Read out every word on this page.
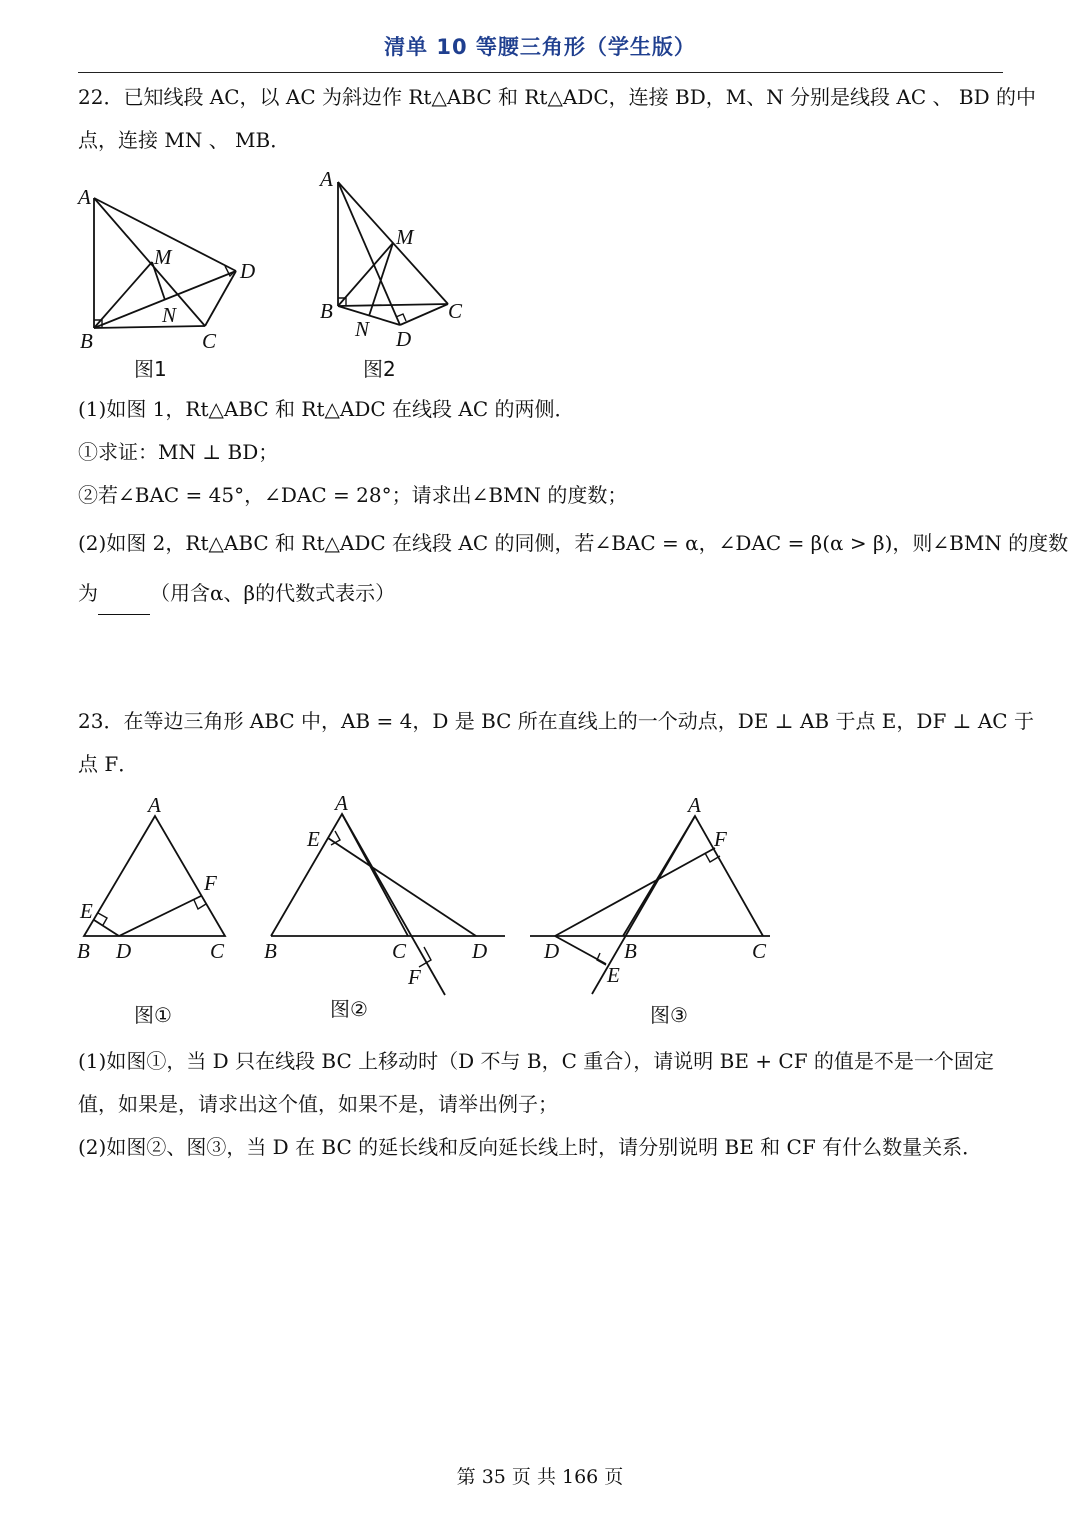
清单 10 等腰三角形（学生版）
22．已知线段 AC，以 AC 为斜边作 Rt△ABC 和 Rt△ADC，连接 BD，M、N 分别是线段 AC 、 BD 的中
点，连接 MN 、 MB．
A
B	C
D
M
N
图1
A
B	C
D
M
N
图2
(1)如图 1，Rt△ABC 和 Rt△ADC 在线段 AC 的两侧．
①求证：MN ⊥ BD；
②若∠BAC = 45°，∠DAC = 28°；请求出∠BMN 的度数；
(2)如图 2，Rt△ABC 和 Rt△ADC 在线段 AC 的同侧，若∠BAC = α，∠DAC = β(α > β)，则∠BMN 的度数
为	（用含α、β的代数式表示）
23．在等边三角形 ABC 中，AB = 4，D 是 BC 所在直线上的一个动点，DE ⊥ AB 于点 E，DF ⊥ AC 于
点 F．
A
B D	C
E
F
图①
A
E
B	C	D
F
图②
A
F
D	B	C
E
图③
(1)如图①，当 D 只在线段 BC 上移动时（D 不与 B，C 重合），请说明 BE + CF 的值是不是一个固定
值，如果是，请求出这个值，如果不是，请举出例子；
(2)如图②、图③，当 D 在 BC 的延长线和反向延长线上时，请分别说明 BE 和 CF 有什么数量关系．
第 35 页 共 166 页
